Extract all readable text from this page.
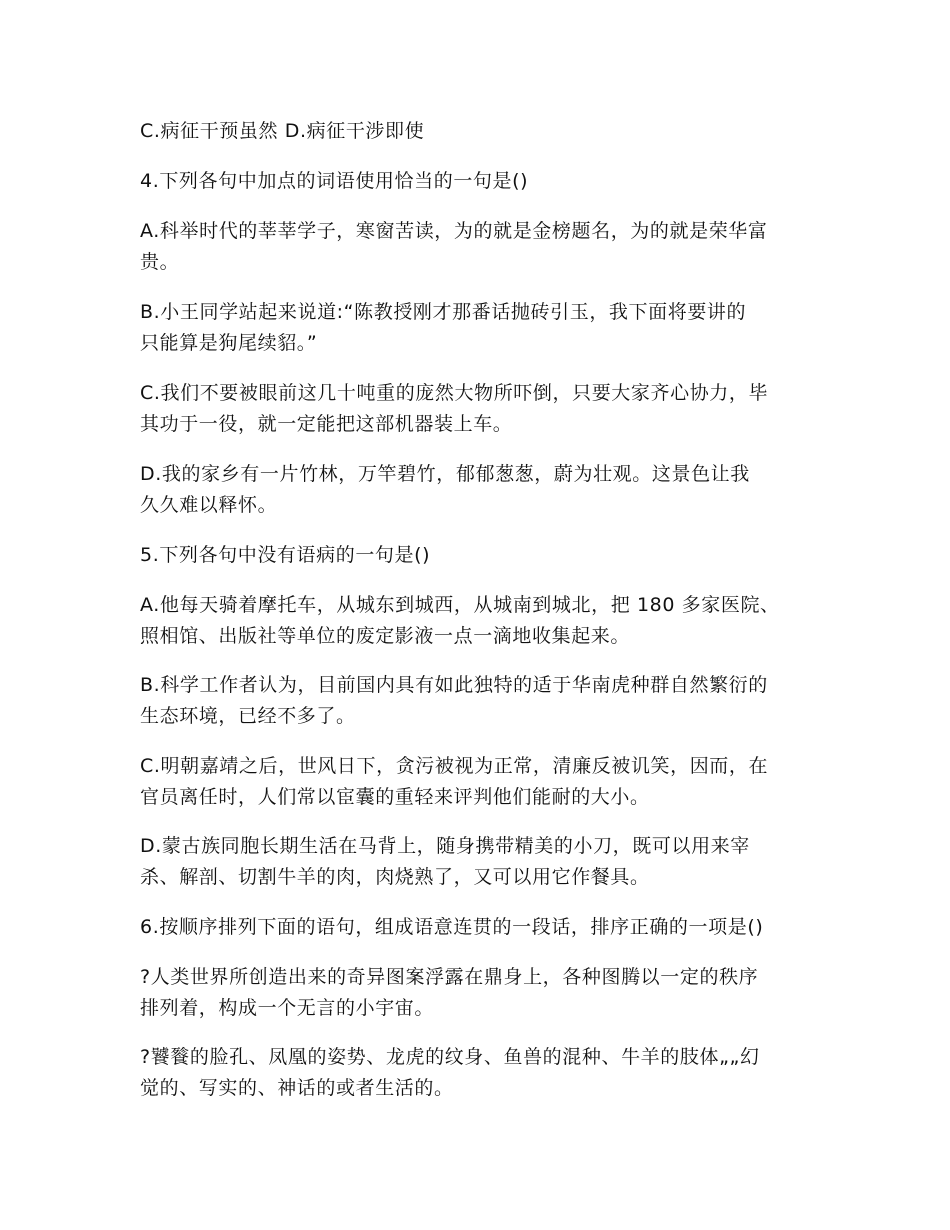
C.病征干预虽然 D.病征干涉即使
4.下列各句中加点的词语使用恰当的一句是()
A.科举时代的莘莘学子，寒窗苦读，为的就是金榜题名，为的就是荣华富
贵。
B.小王同学站起来说道:“陈教授刚才那番话抛砖引玉，我下面将要讲的
只能算是狗尾续貂。”
C.我们不要被眼前这几十吨重的庞然大物所吓倒，只要大家齐心协力，毕
其功于一役，就一定能把这部机器装上车。
D.我的家乡有一片竹林，万竿碧竹，郁郁葱葱，蔚为壮观。这景色让我
久久难以释怀。
5.下列各句中没有语病的一句是()
A.他每天骑着摩托车，从城东到城西，从城南到城北，把 180 多家医院、
照相馆、出版社等单位的废定影液一点一滴地收集起来。
B.科学工作者认为，目前国内具有如此独特的适于华南虎种群自然繁衍的
生态环境，已经不多了。
C.明朝嘉靖之后，世风日下，贪污被视为正常，清廉反被讥笑，因而，在
官员离任时，人们常以宦囊的重轻来评判他们能耐的大小。
D.蒙古族同胞长期生活在马背上，随身携带精美的小刀，既可以用来宰
杀、解剖、切割牛羊的肉，肉烧熟了，又可以用它作餐具。
6.按顺序排列下面的语句，组成语意连贯的一段话，排序正确的一项是()
?人类世界所创造出来的奇异图案浮露在鼎身上，各种图腾以一定的秩序
排列着，构成一个无言的小宇宙。
?饕餮的脸孔、凤凰的姿势、龙虎的纹身、鱼兽的混种、牛羊的肢体„„幻
觉的、写实的、神话的或者生活的。
